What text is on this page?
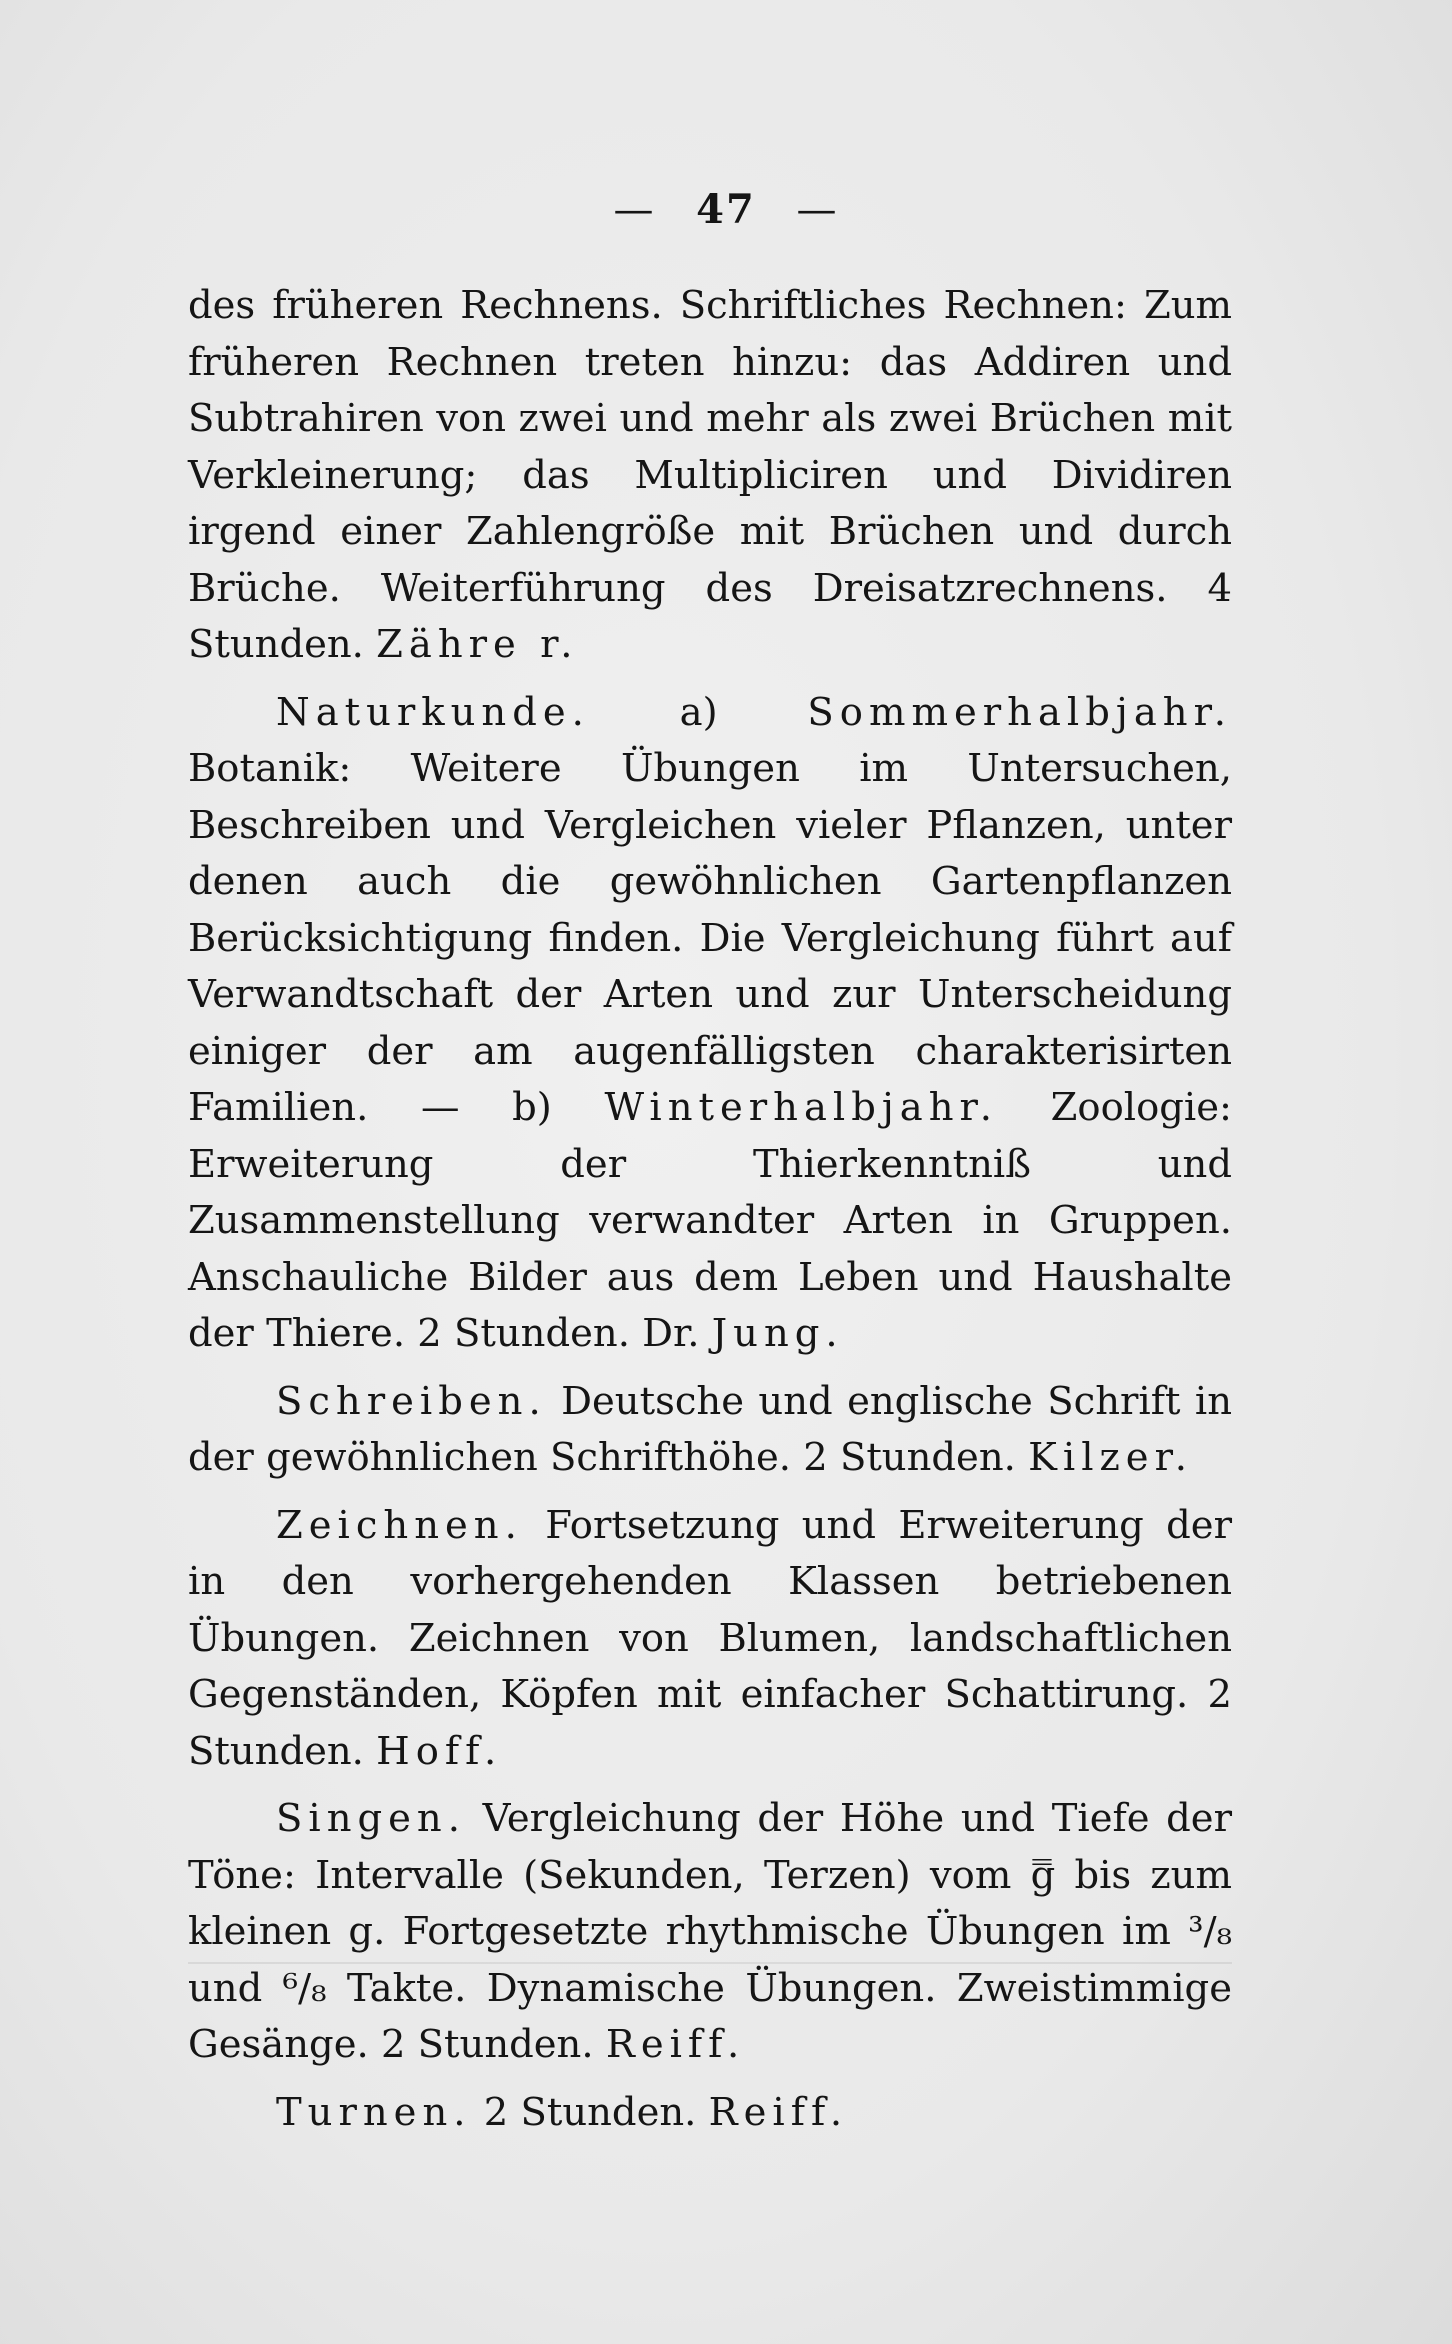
— 47 —

des früheren Rechnens. Schriftliches Rechnen: Zum früheren Rechnen treten hinzu: das Addiren und Subtrahiren von zwei und mehr als zwei Brüchen mit Verkleinerung; das Multipliciren und Dividiren irgend einer Zahlengröße mit Brüchen und durch Brüche. Weiterführung des Dreisatzrechnens. 4 Stunden. Zähre r.

Naturkunde. a) Sommerhalbjahr. Botanik: Weitere Übungen im Untersuchen, Beschreiben und Vergleichen vieler Pflanzen, unter denen auch die gewöhnlichen Gartenpflanzen Berücksichtigung finden. Die Vergleichung führt auf Verwandtschaft der Arten und zur Unterscheidung einiger der am augenfälligsten charakterisirten Familien. — b) Winterhalbjahr. Zoologie: Erweiterung der Thierkenntniß und Zusammenstellung verwandter Arten in Gruppen. Anschauliche Bilder aus dem Leben und Haushalte der Thiere. 2 Stunden. Dr. Jung.

Schreiben. Deutsche und englische Schrift in der gewöhnlichen Schrifthöhe. 2 Stunden. Kilzer.

Zeichnen. Fortsetzung und Erweiterung der in den vorhergehenden Klassen betriebenen Übungen. Zeichnen von Blumen, landschaftlichen Gegenständen, Köpfen mit einfacher Schattirung. 2 Stunden. Hoff.

Singen. Vergleichung der Höhe und Tiefe der Töne: Intervalle (Sekunden, Terzen) vom g̿ bis zum kleinen g. Fortgesetzte rhythmische Übungen im ³/₈ und ⁶/₈ Takte. Dynamische Übungen. Zweistimmige Gesänge. 2 Stunden. Reiff.

Turnen. 2 Stunden. Reiff.
